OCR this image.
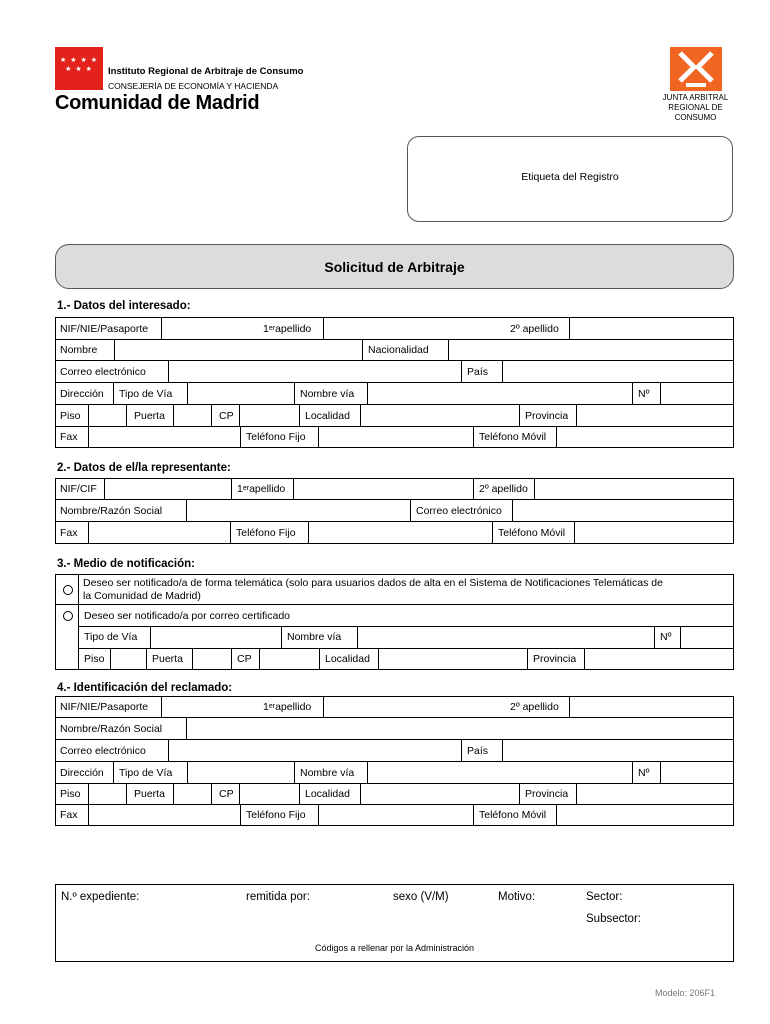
★ ★ ★ ★
★ ★ ★	Instituto Regional de Arbitraje de Consumo
CONSEJERÍA DE ECONOMÍA Y HACIENDA
Comunidad de Madrid	JUNTA ARBITRAL
REGIONAL DE
CONSUMO
Etiqueta del Registro
Solicitud de Arbitraje
1.- Datos del interesado:
NIF/NIE/Pasaporte	1 er apellido	2º apellido
Nombre	Nacionalidad
Correo electrónico	País
Dirección	Tipo de Vía	Nombre vía	Nº
Piso	Puerta	CP	Localidad	Provincia
Fax	Teléfono Fijo	Teléfono Móvil
2.- Datos de el/la representante:
NIF/CIF	1 er apellido	2º apellido
Nombre/Razón Social	Correo electrónico
Fax	Teléfono Fijo	Teléfono Móvil
3.- Medio de notificación:
Deseo ser notificado/a de forma telemática (solo para usuarios dados de alta en el Sistema de Notificaciones Telemáticas de
la Comunidad de Madrid)
Deseo ser notificado/a por correo certificado
Tipo de Vía	Nombre vía	Nº
Piso	Puerta	CP	Localidad	Provincia
4.- Identificación del reclamado:
NIF/NIE/Pasaporte	1 er apellido	2º apellido
Nombre/Razón Social
Correo electrónico	País
Dirección	Tipo de Vía	Nombre vía	Nº
Piso	Puerta	CP	Localidad	Provincia
Fax	Teléfono Fijo	Teléfono Móvil
N.º expediente:	remitida por:	sexo (V/M)	Motivo:	Sector:
Subsector:
Códigos a rellenar por la Administración
Modelo: 206F1
